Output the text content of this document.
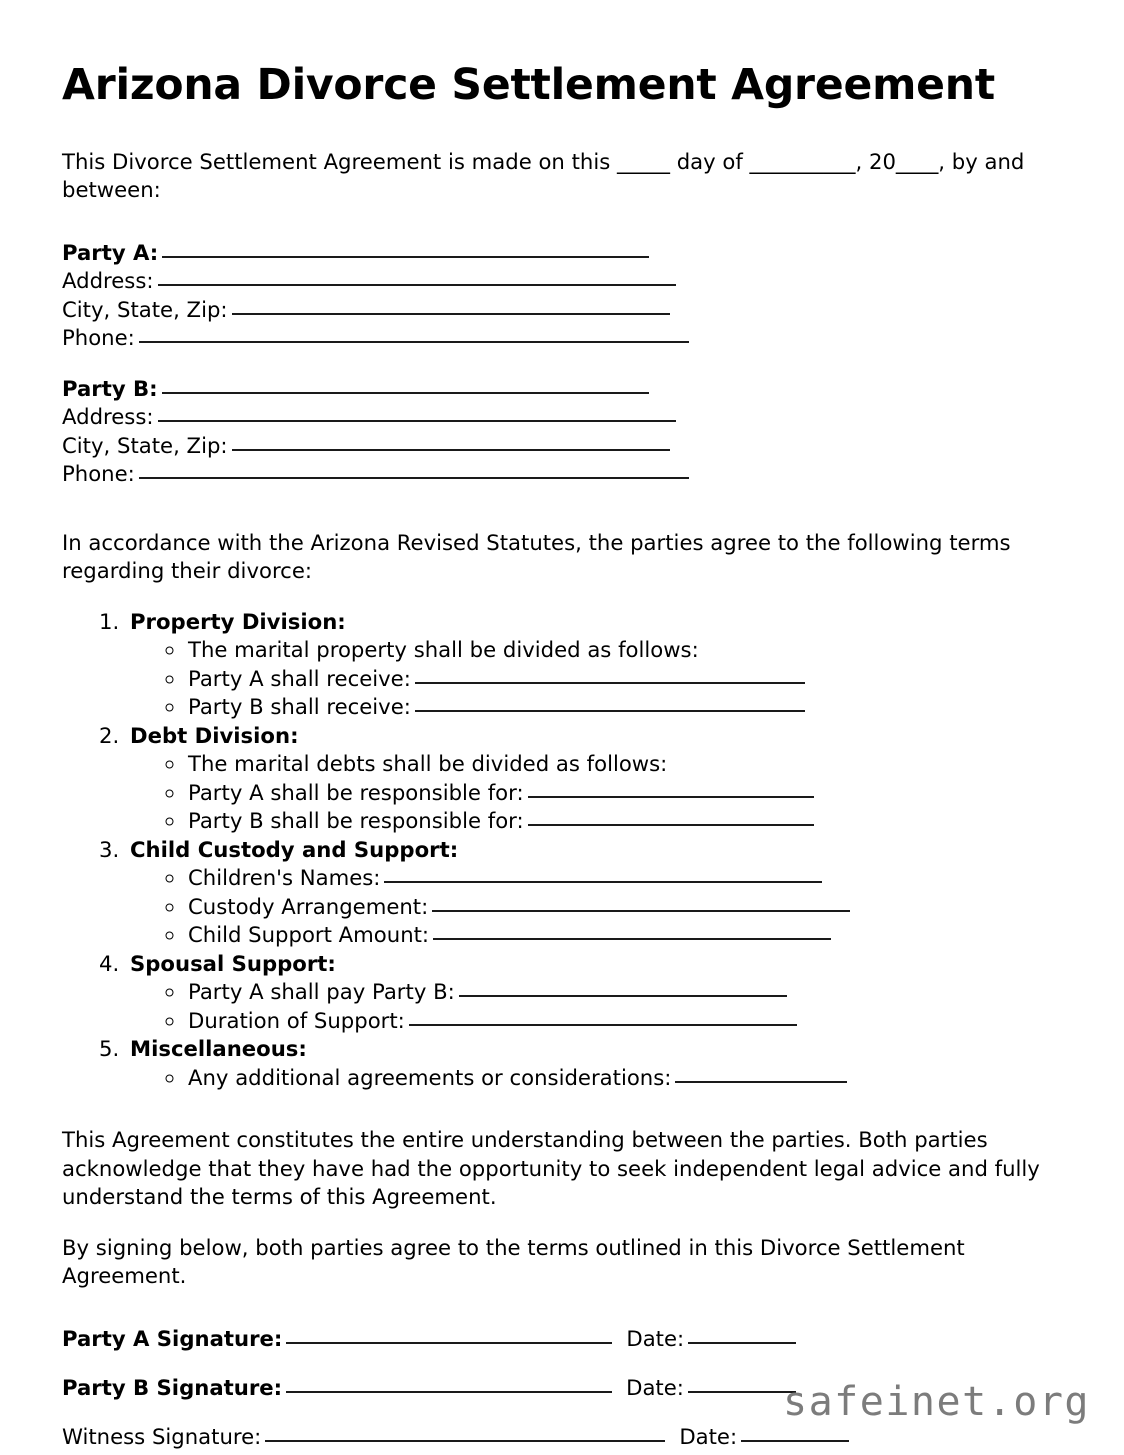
Arizona Divorce Settlement Agreement

This Divorce Settlement Agreement is made on this _____ day of __________, 20____, by and between:

Party A:
Address:
City, State, Zip:
Phone:
Party B:
Address:
City, State, Zip:
Phone:

In accordance with the Arizona Revised Statutes, the parties agree to the following terms regarding their divorce:

1. Property Division:
◦ The marital property shall be divided as follows:
◦ Party A shall receive:
◦ Party B shall receive:
2. Debt Division:
◦ The marital debts shall be divided as follows:
◦ Party A shall be responsible for:
◦ Party B shall be responsible for:
3. Child Custody and Support:
◦ Children's Names:
◦ Custody Arrangement:
◦ Child Support Amount:
4. Spousal Support:
◦ Party A shall pay Party B:
◦ Duration of Support:
5. Miscellaneous:
◦ Any additional agreements or considerations:

This Agreement constitutes the entire understanding between the parties. Both parties acknowledge that they have had the opportunity to seek independent legal advice and fully understand the terms of this Agreement.

By signing below, both parties agree to the terms outlined in this Divorce Settlement Agreement.

Party A Signature:	Date:
Party B Signature:	Date:
Witness Signature:	Date:
safeinet.org
